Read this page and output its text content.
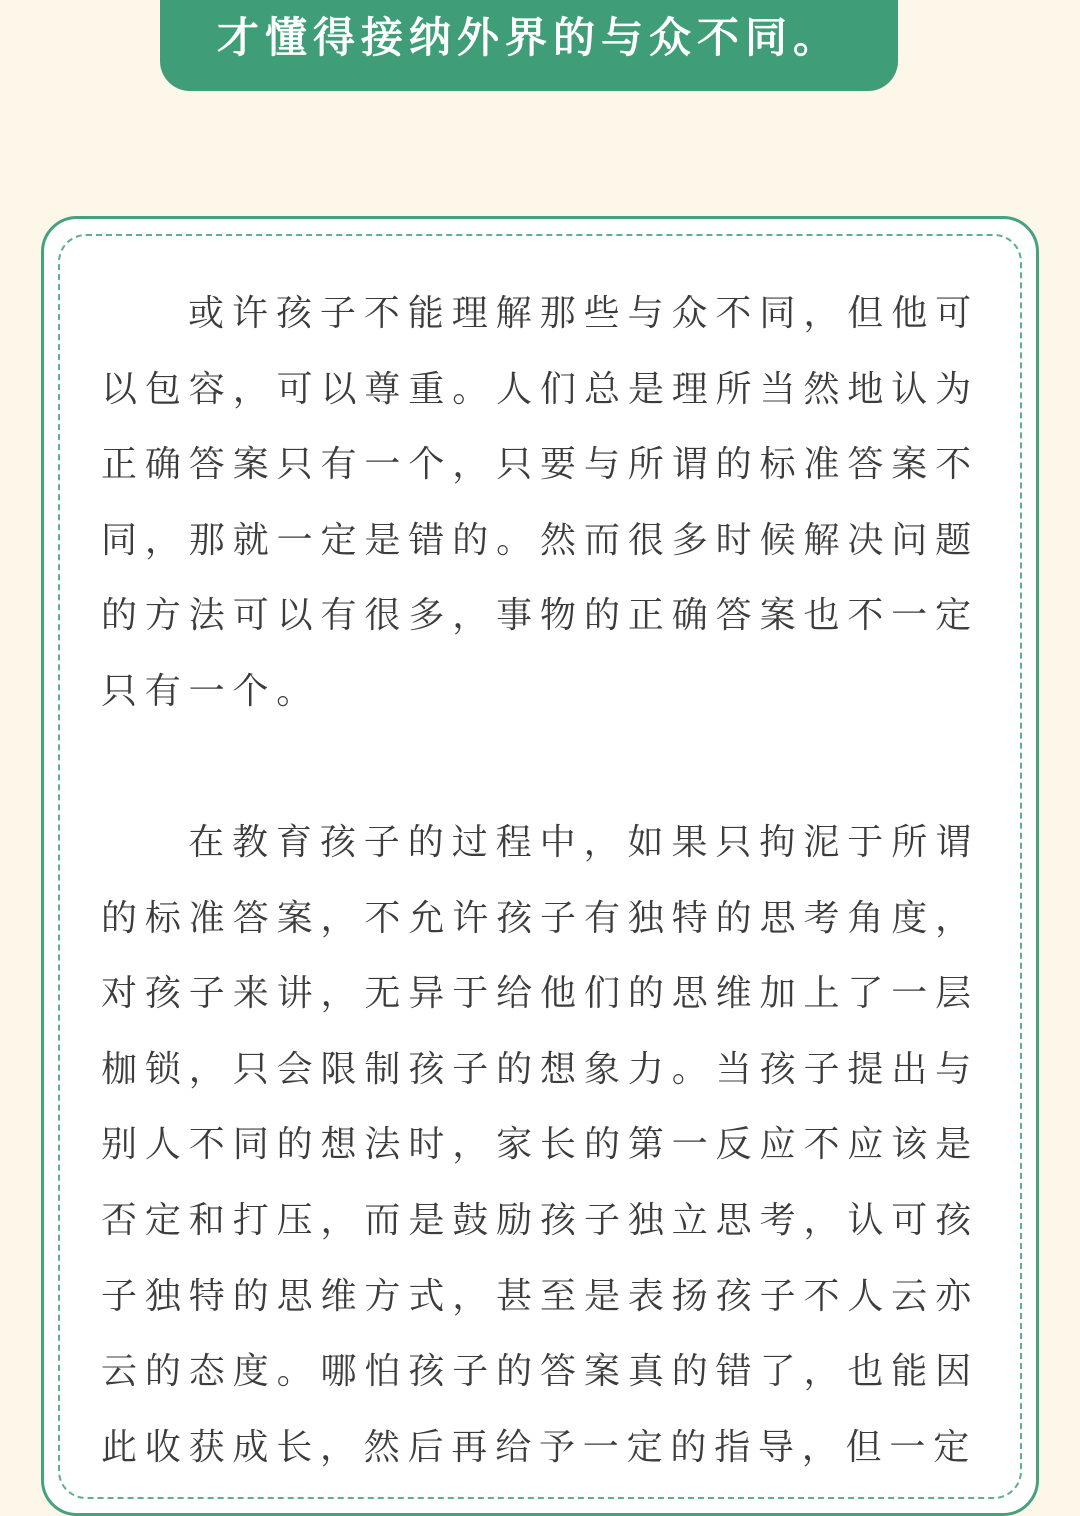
才懂得接纳外界的与众不同。

或许孩子不能理解那些与众不同，但他可以包容，可以尊重。人们总是理所当然地认为正确答案只有一个，只要与所谓的标准答案不同，那就一定是错的。然而很多时候解决问题的方法可以有很多，事物的正确答案也不一定只有一个。

在教育孩子的过程中，如果只拘泥于所谓的标准答案，不允许孩子有独特的思考角度，对孩子来讲，无异于给他们的思维加上了一层枷锁，只会限制孩子的想象力。当孩子提出与别人不同的想法时，家长的第一反应不应该是否定和打压，而是鼓励孩子独立思考，认可孩子独特的思维方式，甚至是表扬孩子不人云亦云的态度。哪怕孩子的答案真的错了，也能因此收获成长，然后再给予一定的指导，但一定
